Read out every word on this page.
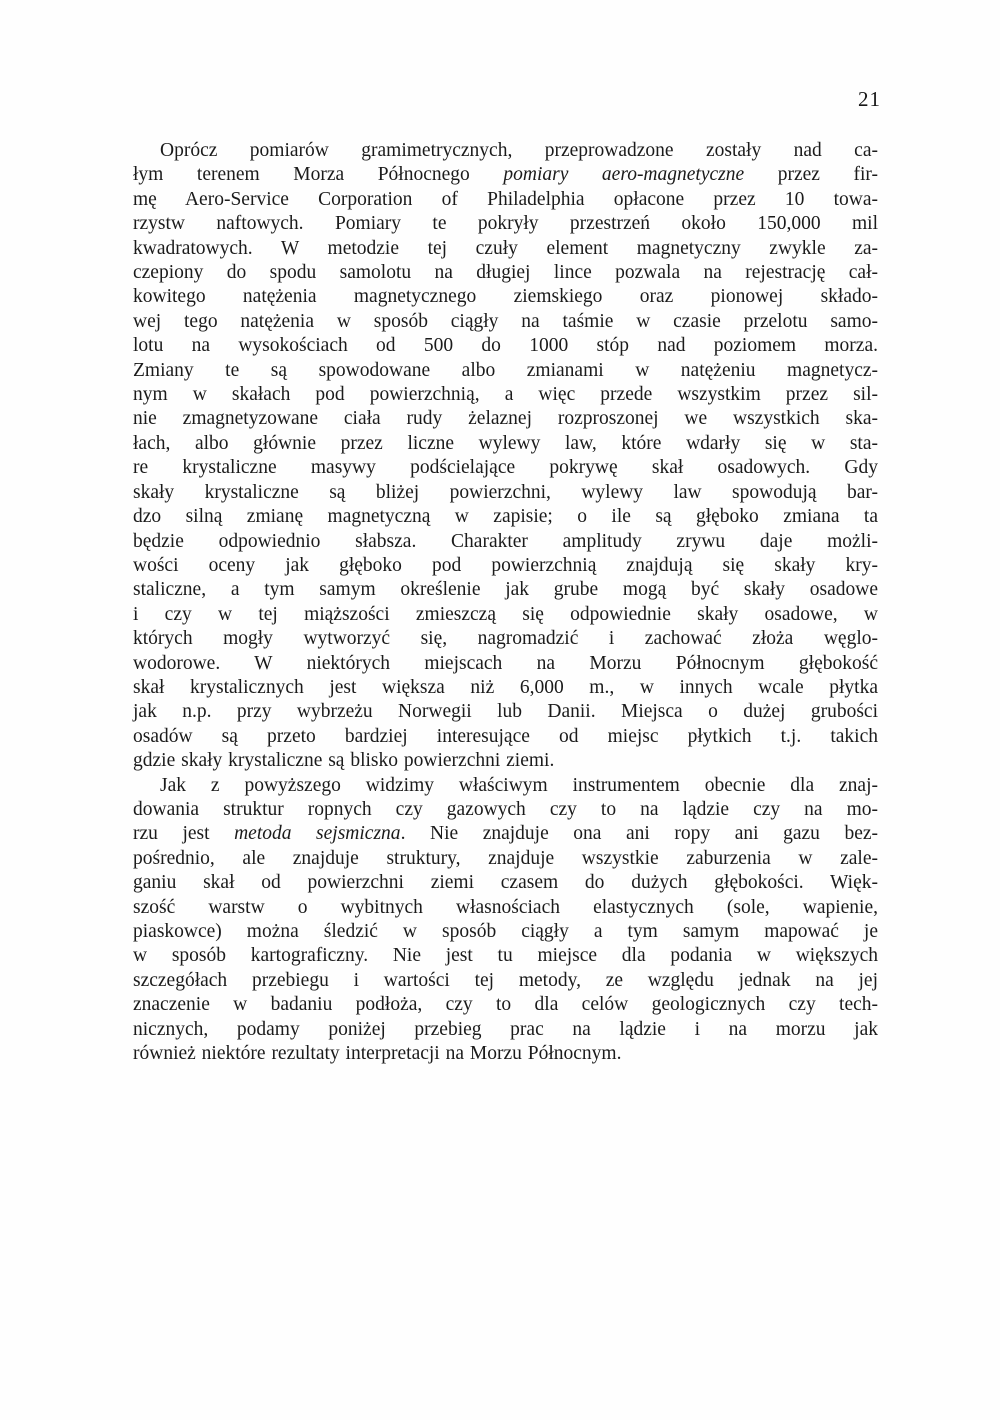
21
Oprócz pomiarów gramimetrycznych, przeprowadzone zostały nad ca-
łym terenem Morza Północnego pomiary aero-magnetyczne przez fir-
mę Aero-Service Corporation of Philadelphia opłacone przez 10 towa-
rzystw naftowych. Pomiary te pokryły przestrzeń około 150,000 mil
kwadratowych. W metodzie tej czuły element magnetyczny zwykle za-
czepiony do spodu samolotu na długiej lince pozwala na rejestrację cał-
kowitego natężenia magnetycznego ziemskiego oraz pionowej składo-
wej tego natężenia w sposób ciągły na taśmie w czasie przelotu samo-
lotu na wysokościach od 500 do 1000 stóp nad poziomem morza.
Zmiany te są spowodowane albo zmianami w natężeniu magnetycz-
nym w skałach pod powierzchnią, a więc przede wszystkim przez sil-
nie zmagnetyzowane ciała rudy żelaznej rozproszonej we wszystkich ska-
łach, albo głównie przez liczne wylewy law, które wdarły się w sta-
re krystaliczne masywy podścielające pokrywę skał osadowych. Gdy
skały krystaliczne są bliżej powierzchni, wylewy law spowodują bar-
dzo silną zmianę magnetyczną w zapisie; o ile są głęboko zmiana ta
będzie odpowiednio słabsza. Charakter amplitudy zrywu daje możli-
wości oceny jak głęboko pod powierzchnią znajdują się skały kry-
staliczne, a tym samym określenie jak grube mogą być skały osadowe
i czy w tej miąższości zmieszczą się odpowiednie skały osadowe, w
których mogły wytworzyć się, nagromadzić i zachować złoża węglo-
wodorowe. W niektórych miejscach na Morzu Północnym głębokość
skał krystalicznych jest większa niż 6,000 m., w innych wcale płytka
jak n.p. przy wybrzeżu Norwegii lub Danii. Miejsca o dużej grubości
osadów są przeto bardziej interesujące od miejsc płytkich t.j. takich
gdzie skały krystaliczne są blisko powierzchni ziemi.
Jak z powyższego widzimy właściwym instrumentem obecnie dla znaj-
dowania struktur ropnych czy gazowych czy to na lądzie czy na mo-
rzu jest metoda sejsmiczna. Nie znajduje ona ani ropy ani gazu bez-
pośrednio, ale znajduje struktury, znajduje wszystkie zaburzenia w zale-
ganiu skał od powierzchni ziemi czasem do dużych głębokości. Więk-
szość warstw o wybitnych własnościach elastycznych (sole, wapienie,
piaskowce) można śledzić w sposób ciągły a tym samym mapować je
w sposób kartograficzny. Nie jest tu miejsce dla podania w większych
szczegółach przebiegu i wartości tej metody, ze względu jednak na jej
znaczenie w badaniu podłoża, czy to dla celów geologicznych czy tech-
nicznych, podamy poniżej przebieg prac na lądzie i na morzu jak
również niektóre rezultaty interpretacji na Morzu Północnym.
